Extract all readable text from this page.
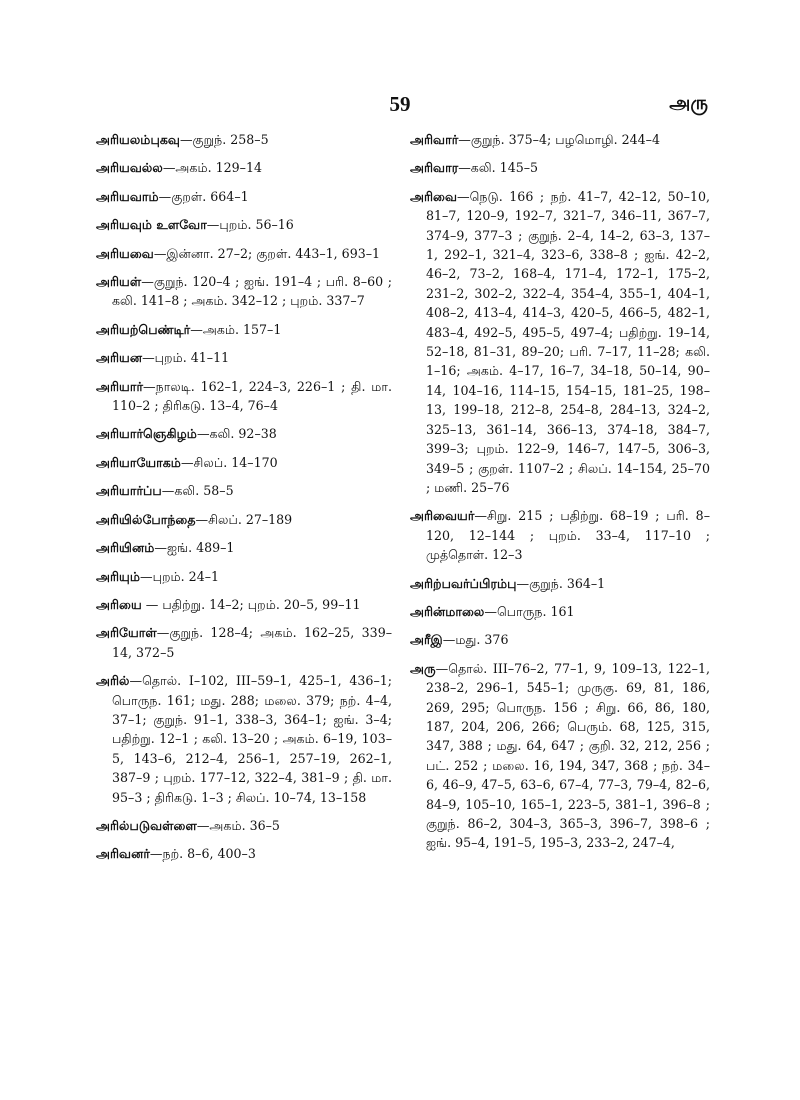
59	அரு

அரியலம்புகவு—குறுந். 258–5

அரியவல்ல—அகம். 129–14

அரியவாம்—குறள். 664–1

அரியவும் உளவோ—புறம். 56–16

அரியவை—இன்னா. 27–2; குறள். 443–1, 693–1

அரியள்—குறுந். 120–4 ; ஐங். 191–4 ; பரி. 8–60 ; கலி. 141–8 ; அகம். 342–12 ; புறம். 337–7

அரியற்பெண்டிர்—அகம். 157–1

அரியன—புறம். 41–11

அரியார்—நாலடி. 162–1, 224–3, 226–1 ; தி. மா. 110–2 ; திரிகடு. 13–4, 76–4

அரியார்ஞெகிழம்—கலி. 92–38

அரியாயோகம்—சிலப். 14–170

அரியார்ப்ப—கலி. 58–5

அரியில்போந்தை—சிலப். 27–189

அரியினம்—ஐங். 489–1

அரியும்—புறம். 24–1

அரியை — பதிற்று. 14–2; புறம். 20–5, 99–11

அரியோள்—குறுந். 128–4; அகம். 162–25, 339–14, 372–5

அரில்—தொல். I–102, III–59–1, 425–1, 436–1; பொருந. 161; மது. 288; மலை. 379; நற். 4–4, 37–1; குறுந். 91–1, 338–3, 364–1; ஐங். 3–4; பதிற்று. 12–1 ; கலி. 13–20 ; அகம். 6–19, 103–5, 143–6, 212–4, 256–1, 257–19, 262–1, 387–9 ; புறம். 177–12, 322–4, 381–9 ; தி. மா. 95–3 ; திரிகடு. 1–3 ; சிலப். 10–74, 13–158

அரில்படுவள்ளை—அகம். 36–5

அரிவனர்—நற். 8–6, 400–3

அரிவார்—குறுந். 375–4; பழமொழி. 244–4

அரிவார—கலி. 145–5

அரிவை—நெடு. 166 ; நற். 41–7, 42–12, 50–10, 81–7, 120–9, 192–7, 321–7, 346–11, 367–7, 374–9, 377–3 ; குறுந். 2–4, 14–2, 63–3, 137–1, 292–1, 321–4, 323–6, 338–8 ; ஐங். 42–2, 46–2, 73–2, 168–4, 171–4, 172–1, 175–2, 231–2, 302–2, 322–4, 354–4, 355–1, 404–1, 408–2, 413–4, 414–3, 420–5, 466–5, 482–1, 483–4, 492–5, 495–5, 497–4; பதிற்று. 19–14, 52–18, 81–31, 89–20; பரி. 7–17, 11–28; கலி. 1–16; அகம். 4–17, 16–7, 34–18, 50–14, 90–14, 104–16, 114–15, 154–15, 181–25, 198–13, 199–18, 212–8, 254–8, 284–13, 324–2, 325–13, 361–14, 366–13, 374–18, 384–7, 399–3; புறம். 122–9, 146–7, 147–5, 306–3, 349–5 ; குறள். 1107–2 ; சிலப். 14–154, 25–70 ; மணி. 25–76

அரிவையர்—சிறு. 215 ; பதிற்று. 68–19 ; பரி. 8–120, 12–144 ; புறம். 33–4, 117–10 ; முத்தொள். 12–3

அரிற்பவர்ப்பிரம்பு—குறுந். 364–1

அரின்மாலை—பொருந. 161

அரீஇ—மது. 376

அரு—தொல். III–76–2, 77–1, 9, 109–13, 122–1, 238–2, 296–1, 545–1; முருகு. 69, 81, 186, 269, 295; பொருந. 156 ; சிறு. 66, 86, 180, 187, 204, 206, 266; பெரும். 68, 125, 315, 347, 388 ; மது. 64, 647 ; குறி. 32, 212, 256 ; பட். 252 ; மலை. 16, 194, 347, 368 ; நற். 34–6, 46–9, 47–5, 63–6, 67–4, 77–3, 79–4, 82–6, 84–9, 105–10, 165–1, 223–5, 381–1, 396–8 ; குறுந். 86–2, 304–3, 365–3, 396–7, 398–6 ; ஐங். 95–4, 191–5, 195–3, 233–2, 247–4,
